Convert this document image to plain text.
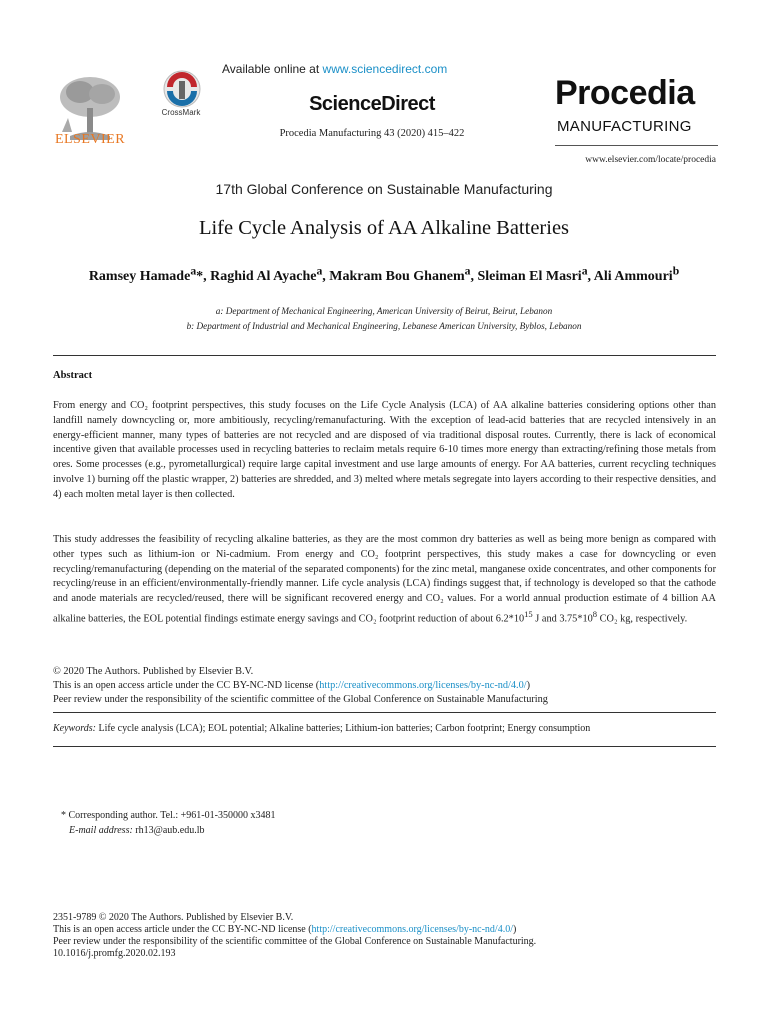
ELSEVIER
CrossMark
Available online at www.sciencedirect.com
ScienceDirect
Procedia Manufacturing 43 (2020) 415–422
Procedia
MANUFACTURING
www.elsevier.com/locate/procedia
17th Global Conference on Sustainable Manufacturing
Life Cycle Analysis of AA Alkaline Batteries
Ramsey Hamade$^a$*, Raghid Al Ayache$^a$, Makram Bou Ghanem$^a$, Sleiman El Masri$^a$, Ali Ammouri$^b$
a: Department of Mechanical Engineering, American University of Beirut, Beirut, Lebanon
b: Department of Industrial and Mechanical Engineering, Lebanese American University, Byblos, Lebanon
Abstract
From energy and CO₂ footprint perspectives, this study focuses on the Life Cycle Analysis (LCA) of AA alkaline batteries considering options other than landfill namely downcycling or, more ambitiously, recycling/remanufacturing. With the exception of lead-acid batteries that are recycled intensively in an energy-efficient manner, many types of batteries are not recycled and are disposed of via traditional disposal routes. Currently, there is lack of economical incentive given that available processes used in recycling batteries to reclaim metals require 6-10 times more energy than extracting/refining those metals from ores. Some processes (e.g., pyrometallurgical) require large capital investment and use large amounts of energy. For AA batteries, current recycling techniques involve 1) burning off the plastic wrapper, 2) batteries are shredded, and 3) melted where metals segregate into layers according to their respective densities, and 4) each molten metal layer is then collected.
This study addresses the feasibility of recycling alkaline batteries, as they are the most common dry batteries as well as being more benign as compared with other types such as lithium-ion or Ni-cadmium. From energy and CO₂ footprint perspectives, this study makes a case for downcycling or even recycling/remanufacturing (depending on the material of the separated components) for the zinc metal, manganese oxide concentrates, and other components for recycling/reuse in an efficient/environmentally-friendly manner. Life cycle analysis (LCA) findings suggest that, if technology is developed so that the cathode and anode materials are recycled/reused, there will be significant recovered energy and CO₂ values. For a world annual production estimate of 4 billion AA alkaline batteries, the EOL potential findings estimate energy savings and CO₂ footprint reduction of about $6.2*10^{15}$ J and $3.75*10^8$ CO₂ kg, respectively.
© 2020 The Authors. Published by Elsevier B.V.
This is an open access article under the CC BY-NC-ND license (http://creativecommons.org/licenses/by-nc-nd/4.0/)
Peer review under the responsibility of the scientific committee of the Global Conference on Sustainable Manufacturing
Keywords: Life cycle analysis (LCA); EOL potential; Alkaline batteries; Lithium-ion batteries; Carbon footprint; Energy consumption
* Corresponding author. Tel.: +961-01-350000 x3481
E-mail address: rh13@aub.edu.lb
2351-9789 © 2020 The Authors. Published by Elsevier B.V.
This is an open access article under the CC BY-NC-ND license (http://creativecommons.org/licenses/by-nc-nd/4.0/)
Peer review under the responsibility of the scientific committee of the Global Conference on Sustainable Manufacturing.
10.1016/j.promfg.2020.02.193
